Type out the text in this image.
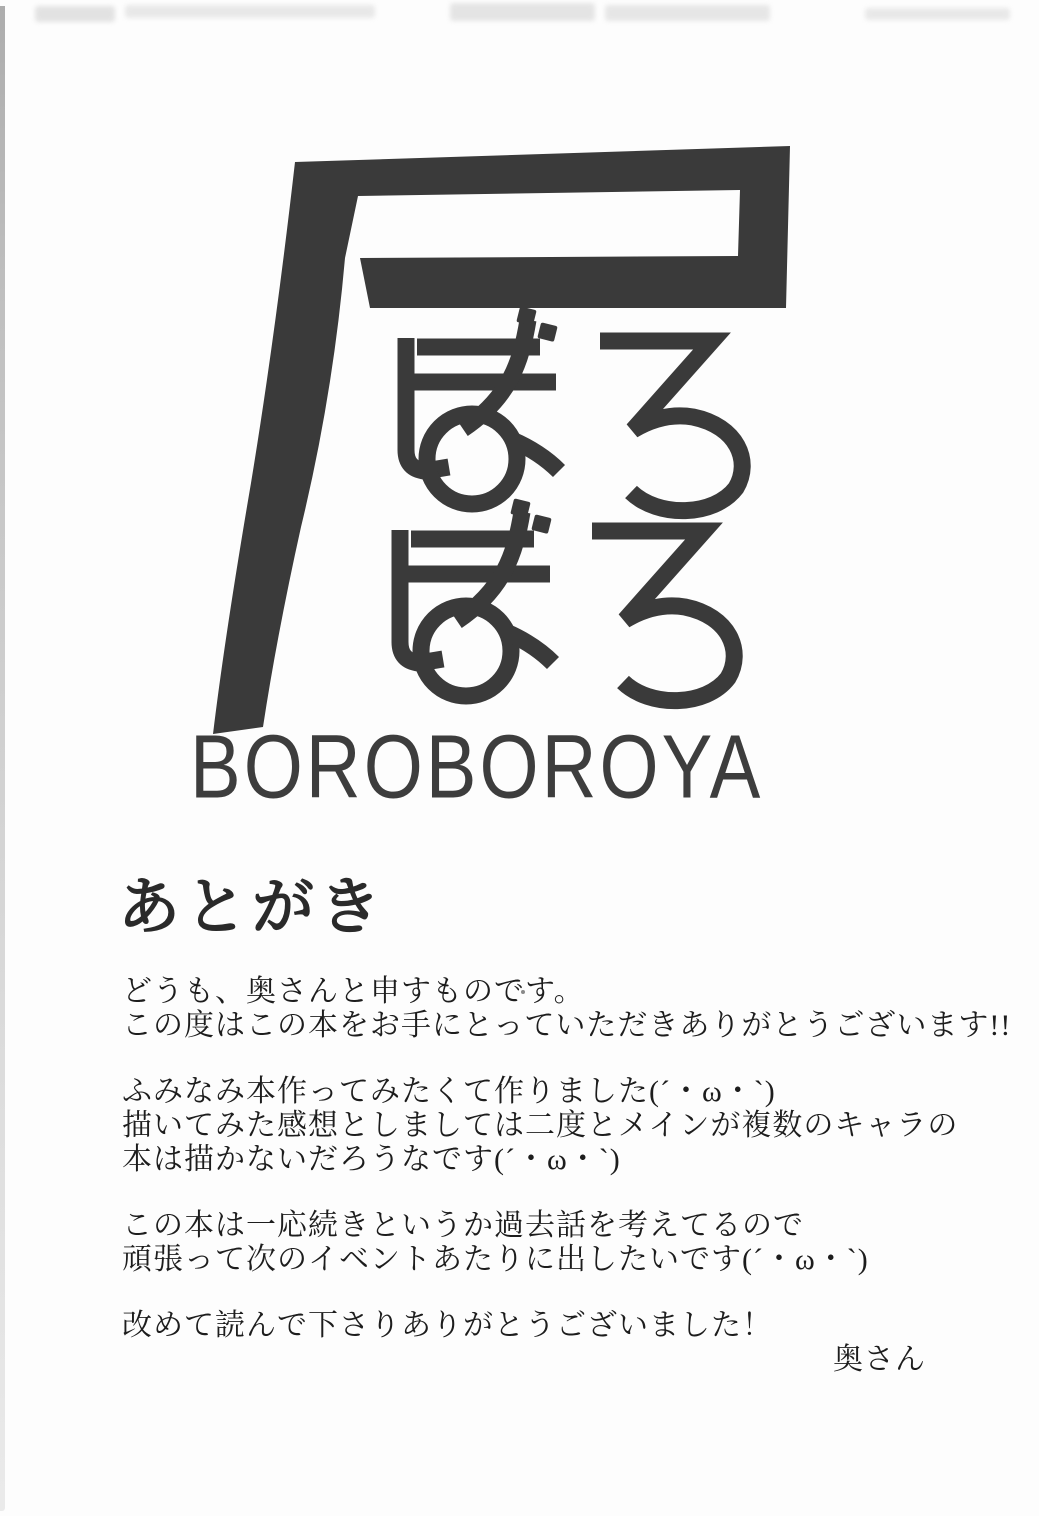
BOROBOROYA
あとがき
どうも、奥さんと申すものです。
この度はこの本をお手にとっていただきありがとうございます!!
ふみなみ本作ってみたくて作りました(´・ω・`)
描いてみた感想としましては二度とメインが複数のキャラの
本は描かないだろうなです(´・ω・`)
この本は一応続きというか過去話を考えてるので
頑張って次のイベントあたりに出したいです(´・ω・`)
改めて読んで下さりありがとうございました！
奥さん
